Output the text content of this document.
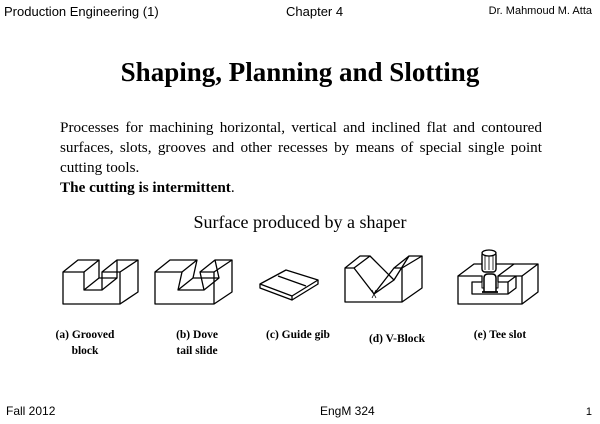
Production Engineering (1)	Chapter 4	Dr. Mahmoud M. Atta
Shaping, Planning and Slotting
Processes for machining horizontal, vertical and inclined flat and contoured surfaces, slots, grooves and other recesses by means of special single point cutting tools.
The cutting is intermittent.
Surface produced by a shaper
(a) Grooved
block
(b) Dove
tail slide
(c) Guide gib	(d) V-Block	(e) Tee slot
Fall 2012	EngM 324	1
